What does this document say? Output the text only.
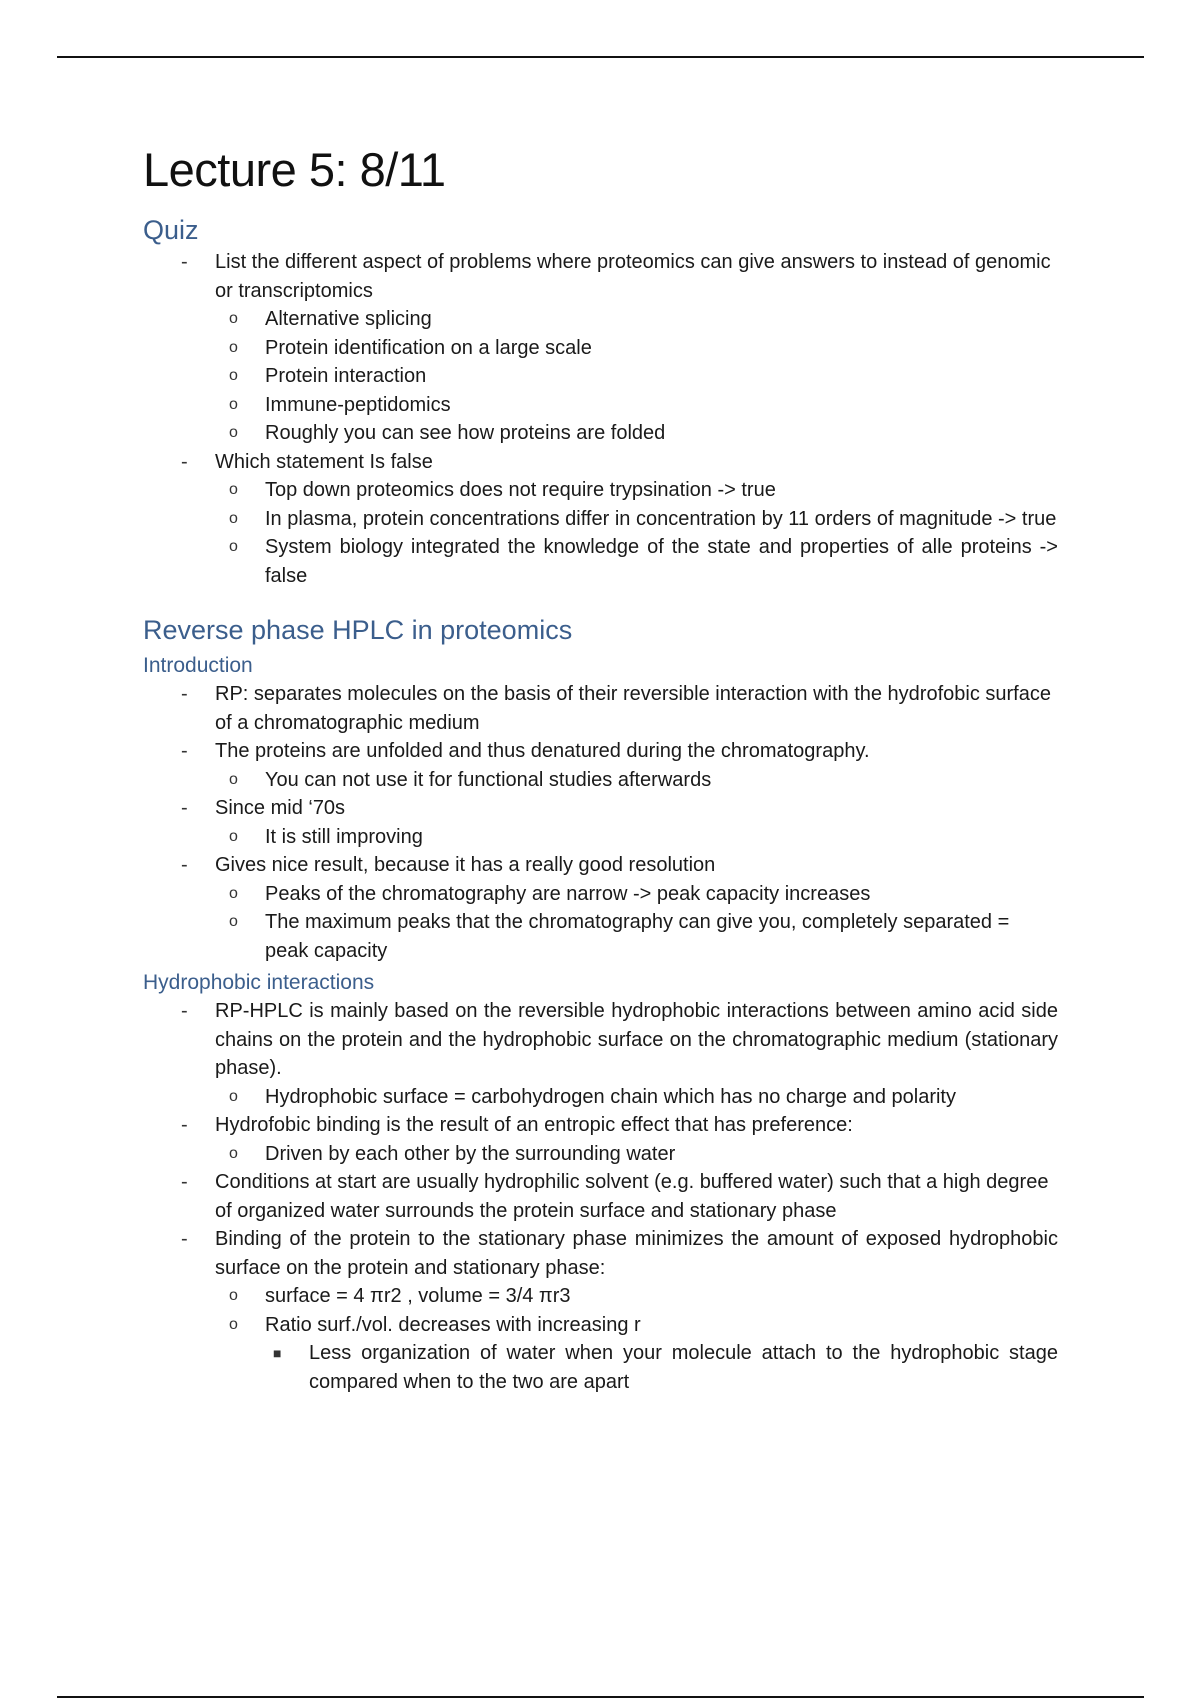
Lecture 5: 8/11
Quiz
- List the different aspect of problems where proteomics can give answers to instead of genomic or transcriptomics
o Alternative splicing
o Protein identification on a large scale
o Protein interaction
o Immune-peptidomics
o Roughly you can see how proteins are folded
- Which statement Is false
o Top down proteomics does not require trypsination -> true
o In plasma, protein concentrations differ in concentration by 11 orders of magnitude -> true
o System biology integrated the knowledge of the state and properties of alle proteins -> false
Reverse phase HPLC in proteomics
Introduction
- RP: separates molecules on the basis of their reversible interaction with the hydrofobic surface of a chromatographic medium
- The proteins are unfolded and thus denatured during the chromatography.
o You can not use it for functional studies afterwards
- Since mid ‘70s
o It is still improving
- Gives nice result, because it has a really good resolution
o Peaks of the chromatography are narrow -> peak capacity increases
o The maximum peaks that the chromatography can give you, completely separated = peak capacity
Hydrophobic interactions
- RP-HPLC is mainly based on the reversible hydrophobic interactions between amino acid side chains on the protein and the hydrophobic surface on the chromatographic medium (stationary phase).
o Hydrophobic surface = carbohydrogen chain which has no charge and polarity
- Hydrofobic binding is the result of an entropic effect that has preference:
o Driven by each other by the surrounding water
- Conditions at start are usually hydrophilic solvent (e.g. buffered water) such that a high degree of organized water surrounds the protein surface and stationary phase
- Binding of the protein to the stationary phase minimizes the amount of exposed hydrophobic surface on the protein and stationary phase:
o surface = 4 πr2 , volume = 3/4 πr3
o Ratio surf./vol. decreases with increasing r
■ Less organization of water when your molecule attach to the hydrophobic stage compared when to the two are apart
